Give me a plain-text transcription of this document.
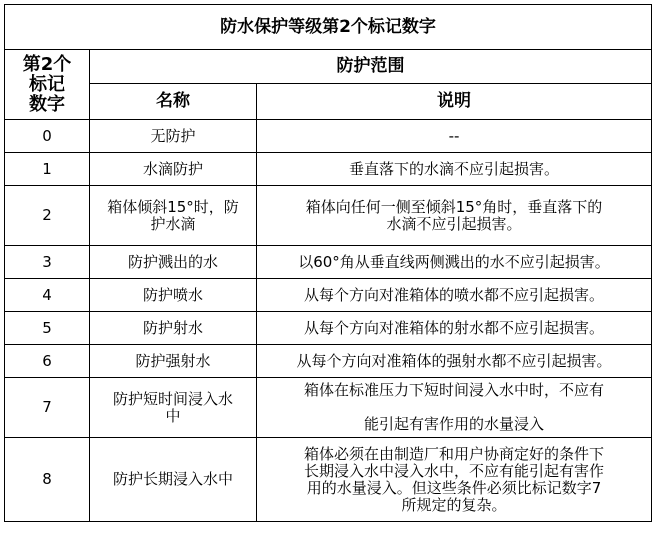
防水保护等级第2个标记数字		

第2个
标记
数字	防护范围	
	名称	说明
0	无防护	--

1	水滴防护	垂直落下的水滴不应引起损害。

2	箱体倾斜15°时，防
护水滴	箱体向任何一侧至倾斜15°角时，垂直落下的
水滴不应引起损害。

3	防护溅出的水	以60°角从垂直线两侧溅出的水不应引起损害。

4	防护喷水	从每个方向对准箱体的喷水都不应引起损害。

5	防护射水	从每个方向对准箱体的射水都不应引起损害。

6	防护强射水	从每个方向对准箱体的强射水都不应引起损害。

7	防护短时间浸入水
中	箱体在标准压力下短时间浸入水中时，不应有

能引起有害作用的水量浸入

8	防护长期浸入水中	箱体必须在由制造厂和用户协商定好的条件下
长期浸入水中浸入水中，不应有能引起有害作
用的水量浸入。但这些条件必须比标记数字7
所规定的复杂。
